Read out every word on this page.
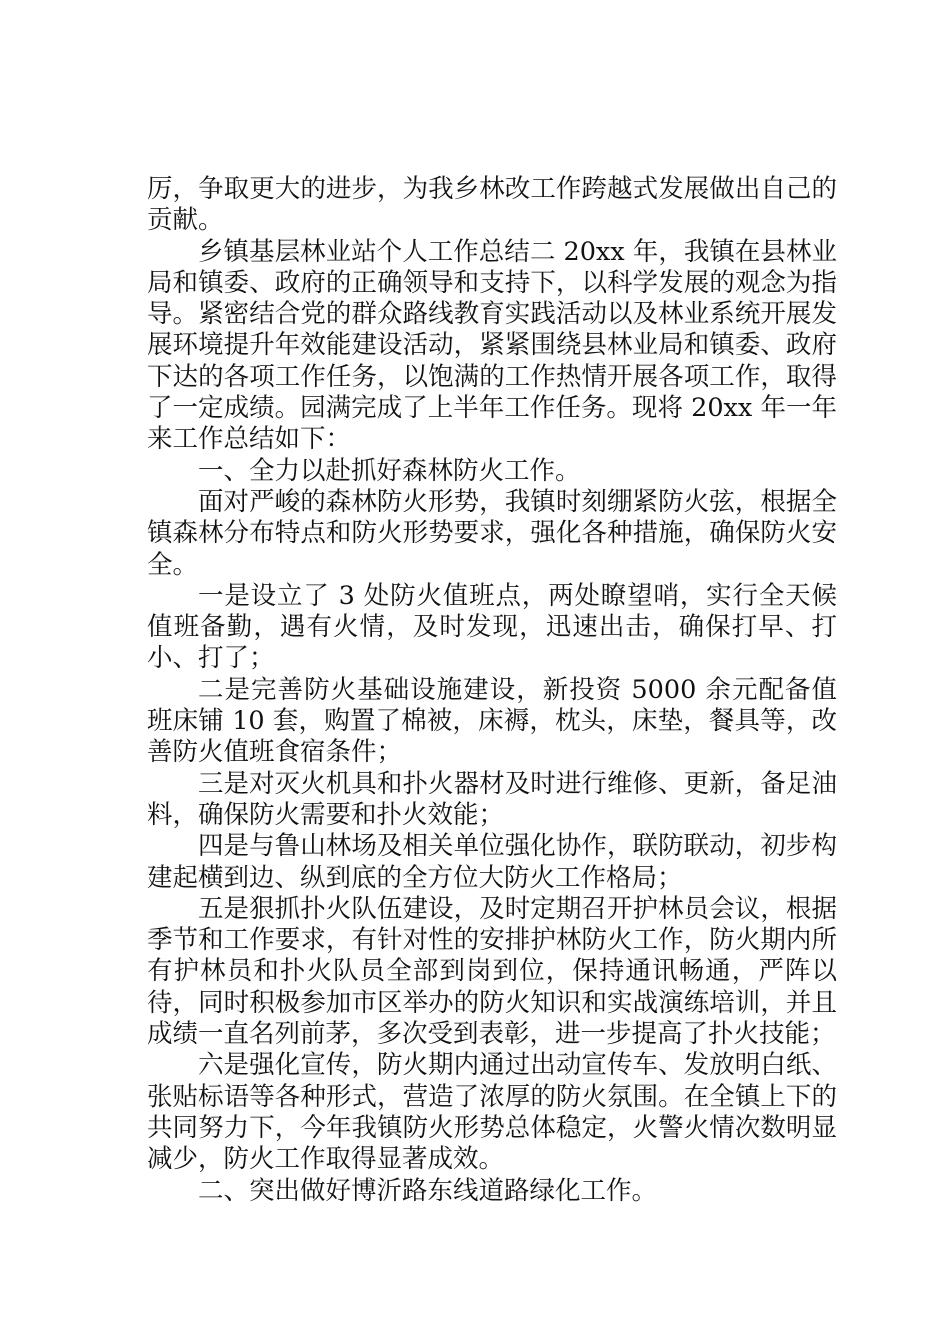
厉，争取更大的进步，为我乡林改工作跨越式发展做出自己的贡献。

乡镇基层林业站个人工作总结二 20xx 年，我镇在县林业局和镇委、政府的正确领导和支持下，以科学发展的观念为指导。紧密结合党的群众路线教育实践活动以及林业系统开展发展环境提升年效能建设活动，紧紧围绕县林业局和镇委、政府下达的各项工作任务，以饱满的工作热情开展各项工作，取得了一定成绩。园满完成了上半年工作任务。现将 20xx 年一年来工作总结如下：

一、全力以赴抓好森林防火工作。

面对严峻的森林防火形势，我镇时刻绷紧防火弦，根据全镇森林分布特点和防火形势要求，强化各种措施，确保防火安全。

一是设立了 3 处防火值班点，两处瞭望哨，实行全天候值班备勤，遇有火情，及时发现，迅速出击，确保打早、打小、打了；

二是完善防火基础设施建设，新投资 5000 余元配备值班床铺 10 套，购置了棉被，床褥，枕头，床垫，餐具等，改善防火值班食宿条件；

三是对灭火机具和扑火器材及时进行维修、更新，备足油料，确保防火需要和扑火效能；

四是与鲁山林场及相关单位强化协作，联防联动，初步构建起横到边、纵到底的全方位大防火工作格局；

五是狠抓扑火队伍建设，及时定期召开护林员会议，根据季节和工作要求，有针对性的安排护林防火工作，防火期内所有护林员和扑火队员全部到岗到位，保持通讯畅通，严阵以待，同时积极参加市区举办的防火知识和实战演练培训，并且成绩一直名列前茅，多次受到表彰，进一步提高了扑火技能；

六是强化宣传，防火期内通过出动宣传车、发放明白纸、张贴标语等各种形式，营造了浓厚的防火氛围。在全镇上下的共同努力下，今年我镇防火形势总体稳定，火警火情次数明显减少，防火工作取得显著成效。

二、突出做好博沂路东线道路绿化工作。
